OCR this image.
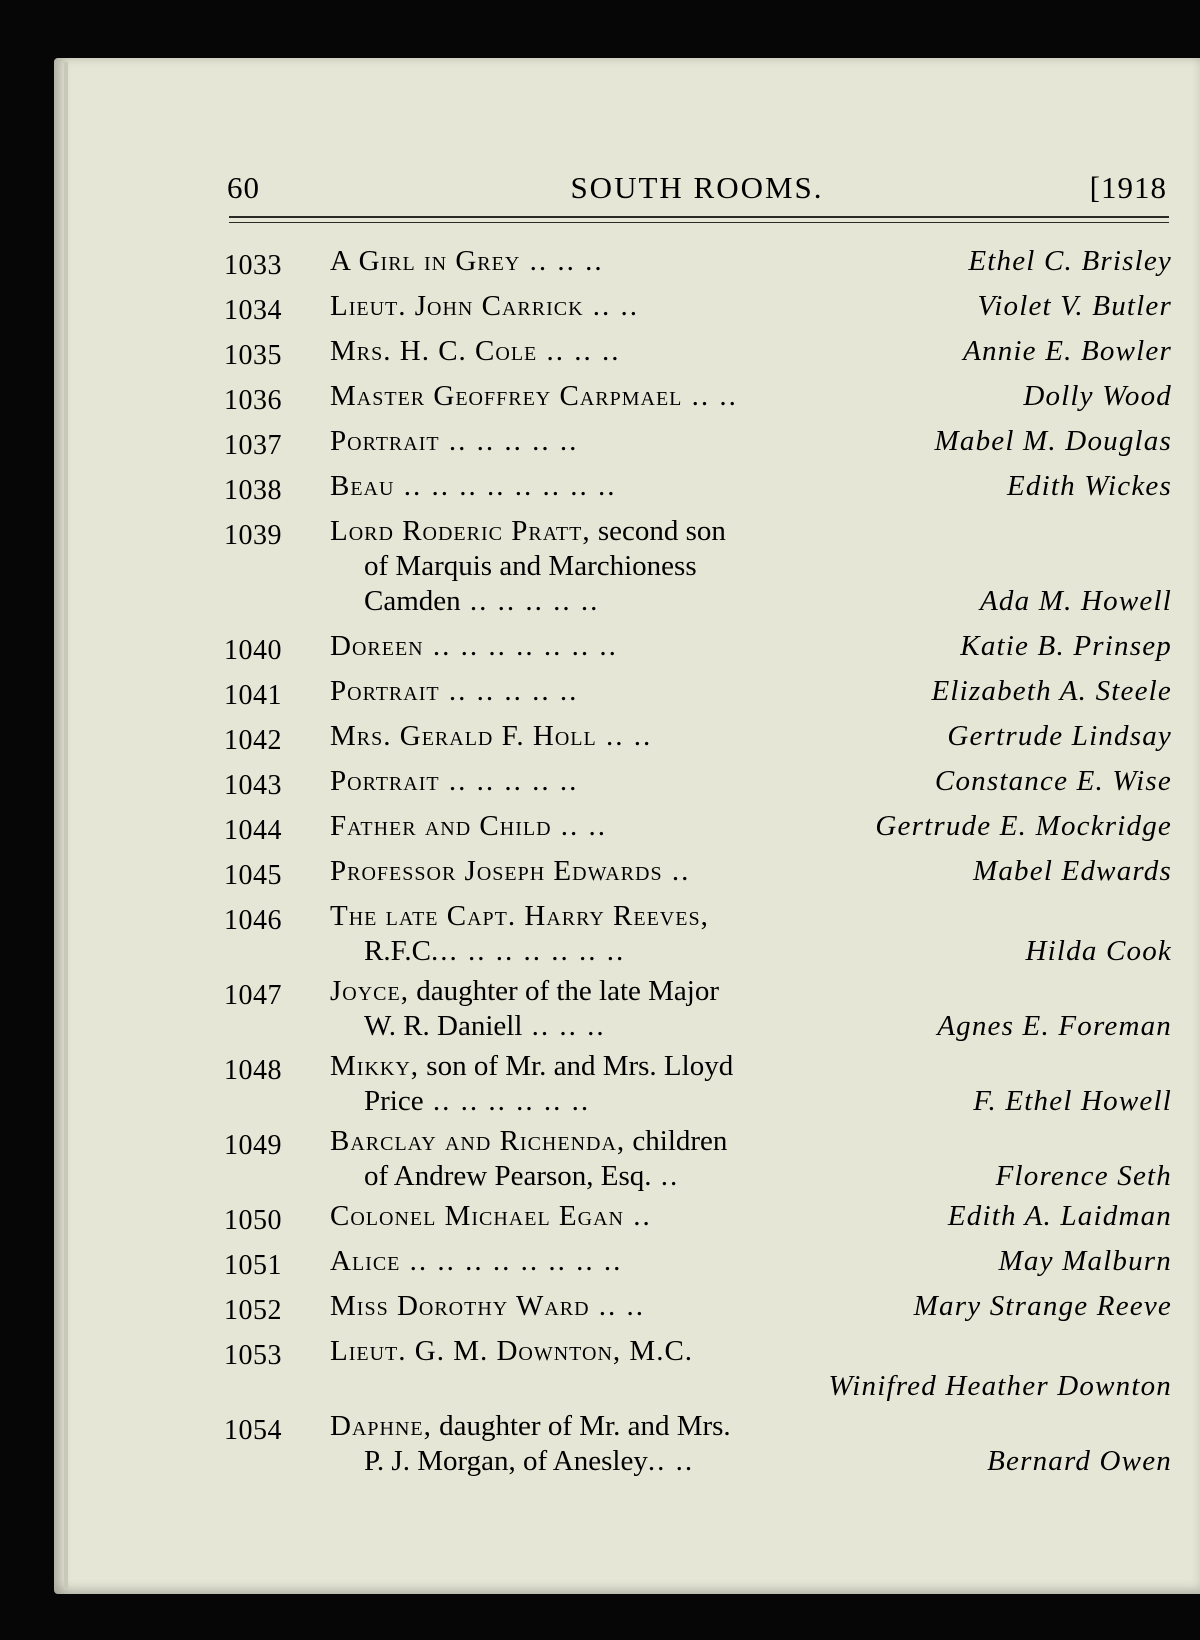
60	SOUTH ROOMS.	[1918
1033 A Girl in Grey .. .. ..	Ethel C. Brisley
1034 Lieut. John Carrick .. ..	Violet V. Butler
1035 Mrs. H. C. Cole .. .. ..	Annie E. Bowler
1036 Master Geoffrey Carpmael .. ..	Dolly Wood
1037 Portrait .. .. .. .. ..	Mabel M. Douglas
1038 Beau .. .. .. .. .. .. .. ..	Edith Wickes
1039 Lord Roderic Pratt, second son
of Marquis and Marchioness
Camden .. .. .. .. ..	Ada M. Howell
1040 Doreen .. .. .. .. .. .. ..	Katie B. Prinsep
1041 Portrait .. .. .. .. ..	Elizabeth A. Steele
1042 Mrs. Gerald F. Holl .. ..	Gertrude Lindsay
1043 Portrait .. .. .. .. ..	Constance E. Wise
1044 Father and Child .. ..	Gertrude E. Mockridge
1045 Professor Joseph Edwards ..	Mabel Edwards
1046 The late Capt. Harry Reeves,
R.F.C... .. .. .. .. .. ..	Hilda Cook
1047 Joyce, daughter of the late Major
W. R. Daniell .. .. ..	Agnes E. Foreman
1048 Mikky, son of Mr. and Mrs. Lloyd
Price .. .. .. .. .. ..	F. Ethel Howell
1049 Barclay and Richenda, children
of Andrew Pearson, Esq. ..	Florence Seth
1050 Colonel Michael Egan ..	Edith A. Laidman
1051 Alice .. .. .. .. .. .. .. ..	May Malburn
1052 Miss Dorothy Ward .. ..	Mary Strange Reeve
1053 Lieut. G. M. Downton, M.C.
Winifred Heather Downton
1054 Daphne, daughter of Mr. and Mrs.
P. J. Morgan, of Anesley.. ..	Bernard Owen
